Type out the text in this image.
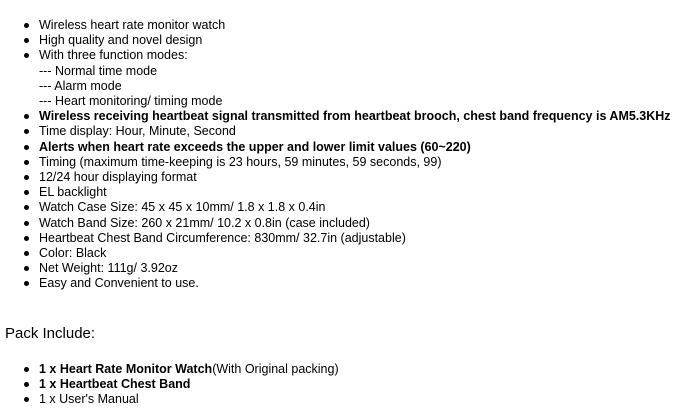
Wireless heart rate monitor watch
High quality and novel design
With three function modes:
--- Normal time mode
--- Alarm mode
--- Heart monitoring/ timing mode
Wireless receiving heartbeat signal transmitted from heartbeat brooch, chest band frequency is AM5.3KHz
Time display: Hour, Minute, Second
Alerts when heart rate exceeds the upper and lower limit values (60~220)
Timing (maximum time-keeping is 23 hours, 59 minutes, 59 seconds, 99)
12/24 hour displaying format
EL backlight
Watch Case Size: 45 x 45 x 10mm/ 1.8 x 1.8 x 0.4in
Watch Band Size: 260 x 21mm/ 10.2 x 0.8in (case included)
Heartbeat Chest Band Circumference: 830mm/ 32.7in (adjustable)
Color: Black
Net Weight: 111g/ 3.92oz
Easy and Convenient to use.
Pack Include:
1 x Heart Rate Monitor Watch(With Original packing)
1 x Heartbeat Chest Band
1 x User's Manual
